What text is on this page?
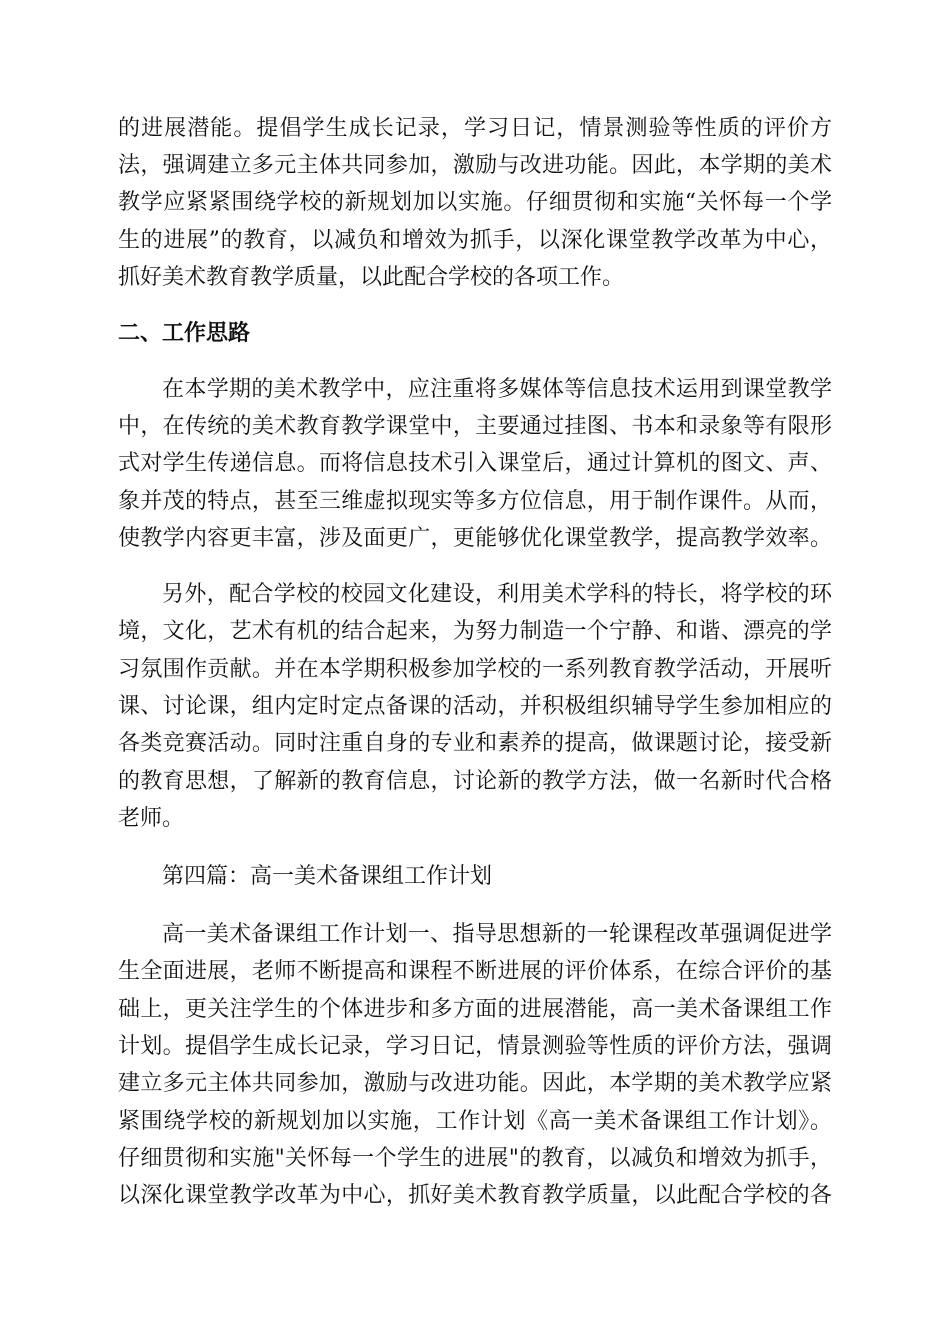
的进展潜能。提倡学生成长记录，学习日记，情景测验等性质的评价方
法，强调建立多元主体共同参加，激励与改进功能。因此，本学期的美术
教学应紧紧围绕学校的新规划加以实施。仔细贯彻和实施“关怀每一个学
生的进展”的教育，以减负和增效为抓手，以深化课堂教学改革为中心，
抓好美术教育教学质量，以此配合学校的各项工作。
二、工作思路
在本学期的美术教学中，应注重将多媒体等信息技术运用到课堂教学
中，在传统的美术教育教学课堂中，主要通过挂图、书本和录象等有限形
式对学生传递信息。而将信息技术引入课堂后，通过计算机的图文、声、
象并茂的特点，甚至三维虚拟现实等多方位信息，用于制作课件。从而，
使教学内容更丰富，涉及面更广，更能够优化课堂教学，提高教学效率。
另外，配合学校的校园文化建设，利用美术学科的特长，将学校的环
境，文化，艺术有机的结合起来，为努力制造一个宁静、和谐、漂亮的学
习氛围作贡献。并在本学期积极参加学校的一系列教育教学活动，开展听
课、讨论课，组内定时定点备课的活动，并积极组织辅导学生参加相应的
各类竞赛活动。同时注重自身的专业和素养的提高，做课题讨论，接受新
的教育思想，了解新的教育信息，讨论新的教学方法，做一名新时代合格
老师。
第四篇：高一美术备课组工作计划
高一美术备课组工作计划一、指导思想新的一轮课程改革强调促进学
生全面进展，老师不断提高和课程不断进展的评价体系，在综合评价的基
础上，更关注学生的个体进步和多方面的进展潜能，高一美术备课组工作
计划。提倡学生成长记录，学习日记，情景测验等性质的评价方法，强调
建立多元主体共同参加，激励与改进功能。因此，本学期的美术教学应紧
紧围绕学校的新规划加以实施，工作计划《高一美术备课组工作计划》。
仔细贯彻和实施"关怀每一个学生的进展"的教育，以减负和增效为抓手，
以深化课堂教学改革为中心，抓好美术教育教学质量，以此配合学校的各
